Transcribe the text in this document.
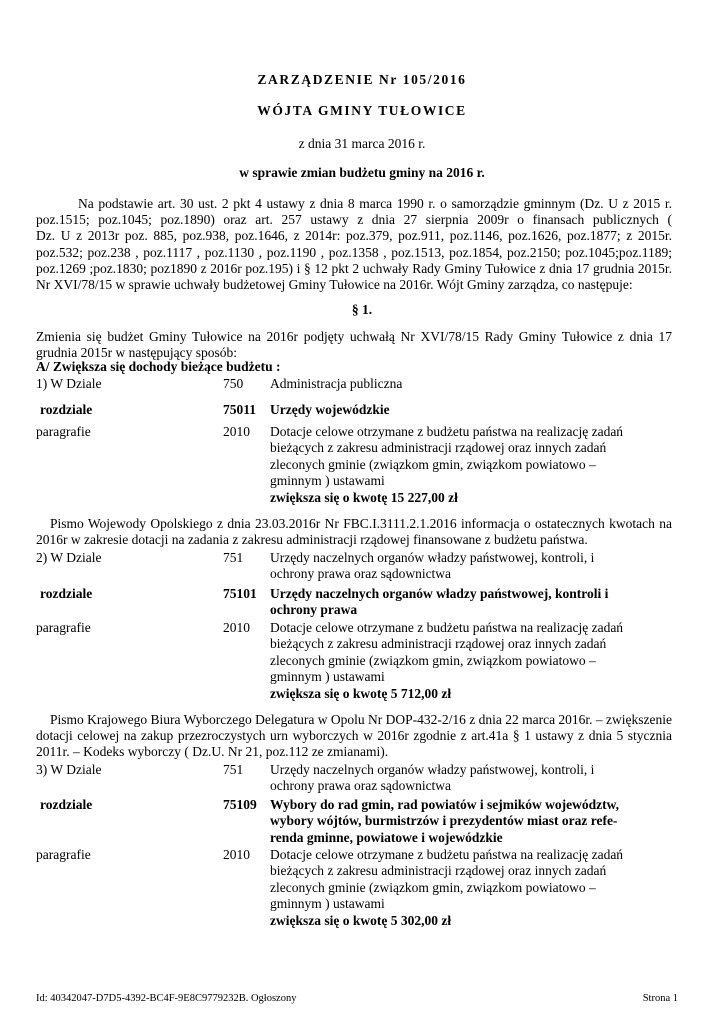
ZARZĄDZENIE Nr 105/2016

WÓJTA GMINY TUŁOWICE

z dnia 31 marca 2016 r.

w sprawie zmian budżetu gminy na 2016 r.

Na podstawie art. 30 ust. 2 pkt 4 ustawy z dnia 8 marca 1990 r. o samorządzie gminnym (Dz. U z 2015 r.
poz.1515; poz.1045; poz.1890) oraz art. 257 ustawy z dnia 27 sierpnia 2009r o finansach publicznych (
Dz. U z 2013r poz. 885, poz.938, poz.1646, z 2014r: poz.379, poz.911, poz.1146, poz.1626, poz.1877; z 2015r.
poz.532; poz.238 , poz.1117 , poz.1130 , poz.1190 , poz.1358 , poz.1513, poz.1854, poz.2150; poz.1045;poz.1189;
poz.1269 ;poz.1830; poz1890 z 2016r poz.195) i § 12 pkt 2 uchwały Rady Gminy Tułowice z dnia 17 grudnia 2015r.
Nr XVI/78/15 w sprawie uchwały budżetowej Gminy Tułowice na 2016r. Wójt Gminy zarządza, co następuje:

§ 1.

Zmienia się budżet Gminy Tułowice na 2016r podjęty uchwałą Nr XVI/78/15 Rady Gminy Tułowice z dnia 17
grudnia 2015r w następujący sposób:

A/ Zwiększa się dochody bieżące budżetu :

1) W Dziale	750 Administracja publiczna

rozdziale	75011 Urzędy wojewódzkie

paragrafie	2010 Dotacje celowe otrzymane z budżetu państwa na realizację zadań
bieżących z zakresu administracji rządowej oraz innych zadań
zleconych gminie (związkom gmin, związkom powiatowo –
gminnym ) ustawami
zwiększa się o kwotę 15 227,00 zł
Pismo Wojewody Opolskiego z dnia 23.03.2016r Nr FBC.I.3111.2.1.2016 informacja o ostatecznych kwotach na
2016r w zakresie dotacji na zadania z zakresu administracji rządowej finansowane z budżetu państwa.

2) W Dziale	751 Urzędy naczelnych organów władzy państwowej, kontroli, i
ochrony prawa oraz sądownictwa

rozdziale	75101 Urzędy naczelnych organów władzy państwowej, kontroli i
ochrony prawa

paragrafie	2010 Dotacje celowe otrzymane z budżetu państwa na realizację zadań
bieżących z zakresu administracji rządowej oraz innych zadań
zleconych gminie (związkom gmin, związkom powiatowo –
gminnym ) ustawami
zwiększa się o kwotę 5 712,00 zł
Pismo Krajowego Biura Wyborczego Delegatura w Opolu Nr DOP-432-2/16 z dnia 22 marca 2016r. – zwiększenie
dotacji celowej na zakup przezroczystych urn wyborczych w 2016r zgodnie z art.41a § 1 ustawy z dnia 5 stycznia
2011r. – Kodeks wyborczy ( Dz.U. Nr 21, poz.112 ze zmianami).

3) W Dziale	751 Urzędy naczelnych organów władzy państwowej, kontroli, i
ochrony prawa oraz sądownictwa

rozdziale	75109 Wybory do rad gmin, rad powiatów i sejmików województw,
wybory wójtów, burmistrzów i prezydentów miast oraz refe-
renda gminne, powiatowe i wojewódzkie

paragrafie	2010 Dotacje celowe otrzymane z budżetu państwa na realizację zadań
bieżących z zakresu administracji rządowej oraz innych zadań
zleconych gminie (związkom gmin, związkom powiatowo –
gminnym ) ustawami
zwiększa się o kwotę 5 302,00 zł

Id: 40342047-D7D5-4392-BC4F-9E8C9779232B. Ogłoszony	Strona 1
